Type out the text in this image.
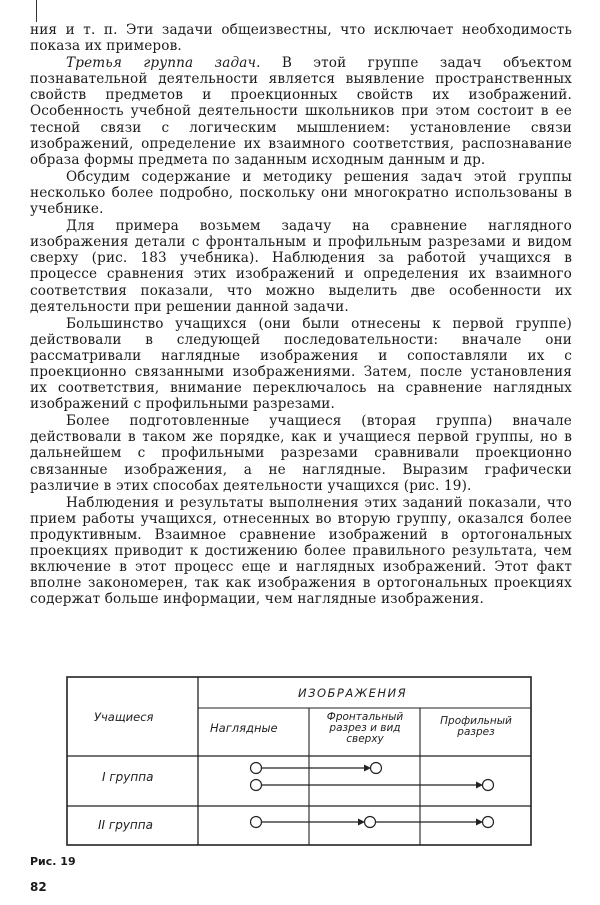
ния и т. п. Эти задачи общеизвестны, что исключает необходимость показа их примеров.

Третья группа задач. В этой группе задач объектом познавательной деятельности является выявление пространственных свойств предметов и проекционных свойств их изображений. Особенность учебной деятельности школьников при этом состоит в ее тесной связи с логическим мышлением: установление связи изображений, определение их взаимного соответствия, распознавание образа формы предмета по заданным исходным данным и др.

Обсудим содержание и методику решения задач этой группы несколько более подробно, поскольку они многократно использованы в учебнике.

Для примера возьмем задачу на сравнение наглядного изображения детали с фронтальным и профильным разрезами и видом сверху (рис. 183 учебника). Наблюдения за работой учащихся в процессе сравнения этих изображений и определения их взаимного соответствия показали, что можно выделить две особенности их деятельности при решении данной задачи.

Большинство учащихся (они были отнесены к первой группе) действовали в следующей последовательности: вначале они рассматривали наглядные изображения и сопоставляли их с проекционно связанными изображениями. Затем, после установления их соответствия, внимание переключалось на сравнение наглядных изображений с профильными разрезами.

Более подготовленные учащиеся (вторая группа) вначале действовали в таком же порядке, как и учащиеся первой группы, но в дальнейшем с профильными разрезами сравнивали проекционно связанные изображения, а не наглядные. Выразим графически различие в этих способах деятельности учащихся (рис. 19).

Наблюдения и результаты выполнения этих заданий показали, что прием работы учащихся, отнесенных во вторую группу, оказался более продуктивным. Взаимное сравнение изображений в ортогональных проекциях приводит к достижению более правильного результата, чем включение в этот процесс еще и наглядных изображений. Этот факт вполне закономерен, так как изображения в ортогональных проекциях содержат больше информации, чем наглядные изображения.

ИЗОБРАЖЕНИЯ
Учащиеся
Наглядные
Фронтальный разрез и вид сверху
Профильный разрез
I группа
II группа
Рис. 19
82
